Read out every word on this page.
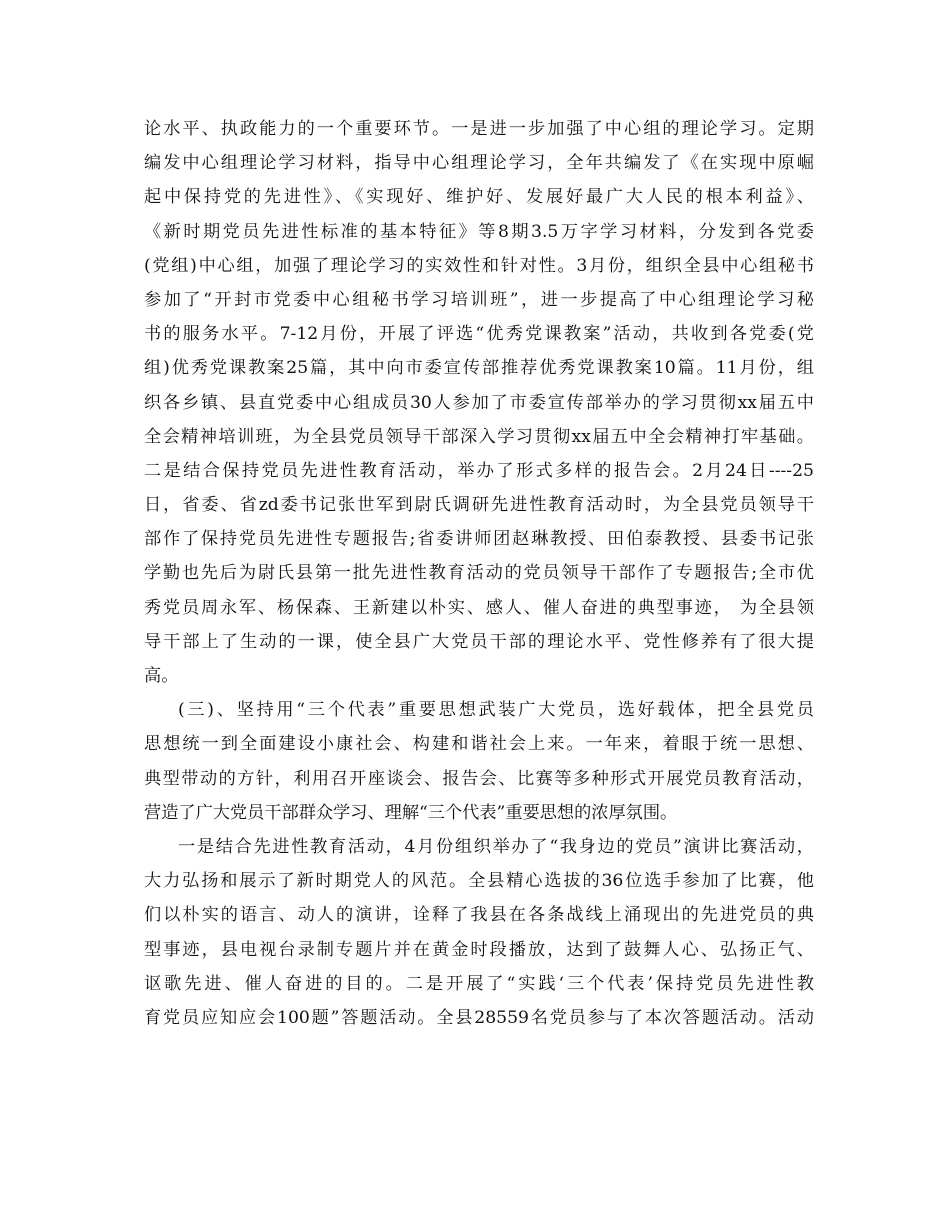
论水平、执政能力的一个重要环节。一是进一步加强了中心组的理论学习。定期
编发中心组理论学习材料，指导中心组理论学习，全年共编发了《在实现中原崛
起中保持党的先进性》、《实现好、维护好、发展好最广大人民的根本利益》、
《新时期党员先进性标准的基本特征》等8期3.5万字学习材料，分发到各党委
(党组)中心组，加强了理论学习的实效性和针对性。3月份，组织全县中心组秘书
参加了“开封市党委中心组秘书学习培训班”，进一步提高了中心组理论学习秘
书的服务水平。7-12月份，开展了评选“优秀党课教案”活动，共收到各党委(党
组)优秀党课教案25篇，其中向市委宣传部推荐优秀党课教案10篇。11月份，组
织各乡镇、县直党委中心组成员30人参加了市委宣传部举办的学习贯彻xx届五中
全会精神培训班，为全县党员领导干部深入学习贯彻xx届五中全会精神打牢基础。
二是结合保持党员先进性教育活动，举办了形式多样的报告会。2月24日----25
日，省委、省zd委书记张世军到尉氏调研先进性教育活动时，为全县党员领导干
部作了保持党员先进性专题报告;省委讲师团赵琳教授、田伯泰教授、县委书记张
学勤也先后为尉氏县第一批先进性教育活动的党员领导干部作了专题报告;全市优
秀党员周永军、杨保森、王新建以朴实、感人、催人奋进的典型事迹， 为全县领
导干部上了生动的一课，使全县广大党员干部的理论水平、党性修养有了很大提
高。
(三)、坚持用“三个代表”重要思想武装广大党员，选好载体，把全县党员
思想统一到全面建设小康社会、构建和谐社会上来。一年来，着眼于统一思想、
典型带动的方针，利用召开座谈会、报告会、比赛等多种形式开展党员教育活动，
营造了广大党员干部群众学习、理解“三个代表”重要思想的浓厚氛围。
一是结合先进性教育活动，4月份组织举办了“我身边的党员”演讲比赛活动，
大力弘扬和展示了新时期党人的风范。全县精心选拔的36位选手参加了比赛，他
们以朴实的语言、动人的演讲，诠释了我县在各条战线上涌现出的先进党员的典
型事迹，县电视台录制专题片并在黄金时段播放，达到了鼓舞人心、弘扬正气、
讴歌先进、催人奋进的目的。二是开展了“实践‘三个代表’保持党员先进性教
育党员应知应会100题”答题活动。全县28559名党员参与了本次答题活动。活动
